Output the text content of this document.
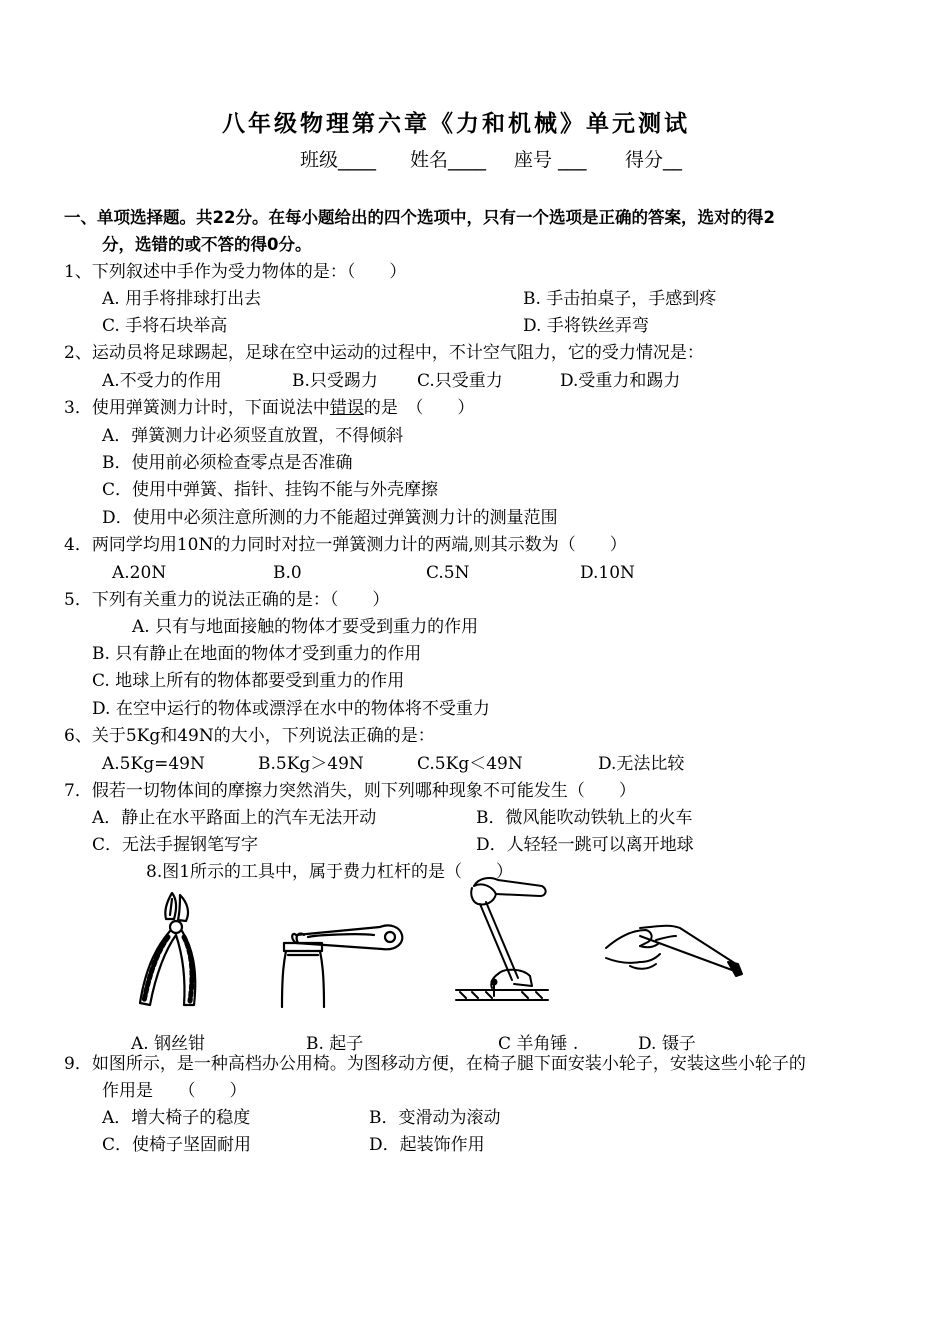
八年级物理第六章《力和机械》单元测试
班级____ 姓名____ 座号 ___ 得分__
一、单项选择题。共22分。在每小题给出的四个选项中，只有一个选项是正确的答案，选对的得2
分，选错的或不答的得0分。
1、下列叙述中手作为受力物体的是：（　　）
A. 用手将排球打出去	B. 手击拍桌子，手感到疼
C. 手将石块举高	D. 手将铁丝弄弯
2、运动员将足球踢起，足球在空中运动的过程中，不计空气阻力，它的受力情况是：
A.不受力的作用	B.只受踢力 C.只受重力	D.受重力和踢力
3．使用弹簧测力计时，下面说法中错误的是　（　　）
A．弹簧测力计必须竖直放置，不得倾斜
B．使用前必须检查零点是否准确
C．使用中弹簧、指针、挂钩不能与外壳摩擦
D．使用中必须注意所测的力不能超过弹簧测力计的测量范围
4．两同学均用10N的力同时对拉一弹簧测力计的两端,则其示数为（　　）
A.20N	B.0	C.5N	D.10N
5．下列有关重力的说法正确的是：（　　）
A. 只有与地面接触的物体才要受到重力的作用
B. 只有静止在地面的物体才受到重力的作用
C. 地球上所有的物体都要受到重力的作用
D. 在空中运行的物体或漂浮在水中的物体将不受重力
6、关于5Kg和49N的大小，下列说法正确的是：
A.5Kg=49N	B.5Kg＞49N	C.5Kg＜49N	D.无法比较
7．假若一切物体间的摩擦力突然消失，则下列哪种现象不可能发生（　　）
A．静止在水平路面上的汽车无法开动	B．微风能吹动铁轨上的火车
C．无法手握钢笔写字	D．人轻轻一跳可以离开地球
8.图1所示的工具中，属于费力杠杆的是（　　）
A. 钢丝钳	B. 起子	C 羊角锤 .	D. 镊子
9．如图所示，是一种高档办公用椅。为图移动方便，在椅子腿下面安装小轮子，安装这些小轮子的
作用是　　（　　）
A．增大椅子的稳度	B．变滑动为滚动
C．使椅子坚固耐用	D．起装饰作用
